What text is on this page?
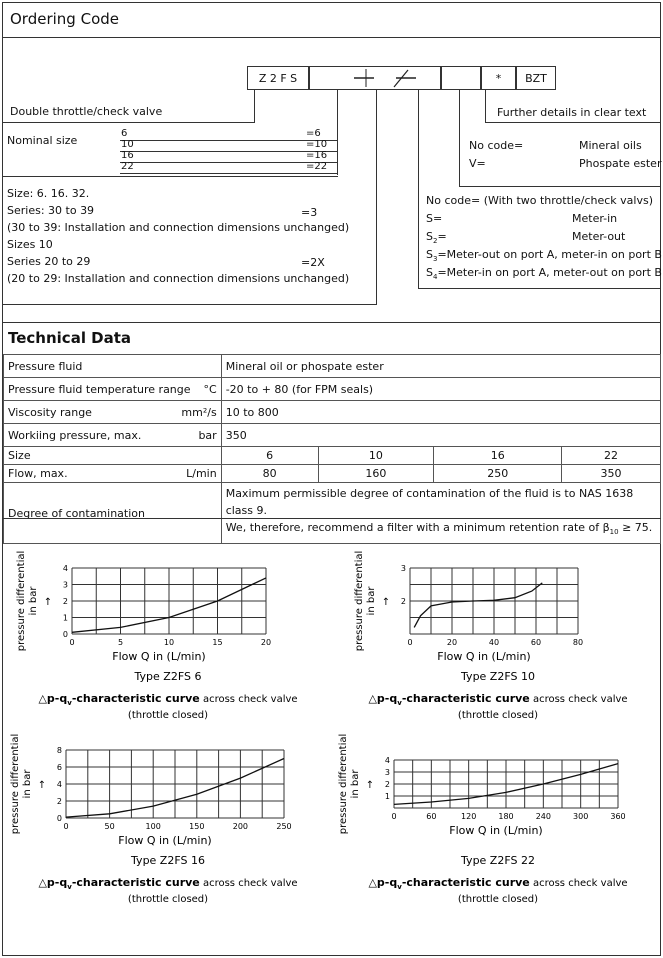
Ordering Code
Z 2 F S	*	BZT
Double throttle/check valve	Further details in clear text
Nominal size
6	=6
10	=10
16	=16
22	=22
No code=	Mineral oils
V=	Phospate ester
Size: 6. 16. 32.
Series: 30 to 39
(30 to 39: Installation and connection dimensions unchanged)
Sizes 10
Series 20 to 29
(20 to 29: Installation and connection dimensions unchanged)
=3
=2X
No code= (With two throttle/check valvs)
S=	Meter-in
$S_2=$	Meter-out
$S_3=Meter$-out on port A, meter-in on port B
$S_4=Meter-in$ on port A, meter-out on port B
Technical Data
Pressure fluid	Mineral oil or phospate ester			
Pressure fluid temperature range °C	-20 to + 80 (for FPM seals)			
Viscosity range mm²/s	10 to 800			
Workiing pressure, max. bar	350			
Size	6	10	16	22
Flow, max. L/min	80	160	250	350
Degree of contamination	Maximum permissible degree of contamination of the fluid is to NAS 1638 class 9.
We, therefore, recommend a filter with a minimum retention rate of $\beta_{10} \ge 75$.			
0	5	10	15	20
0
1
2
3
4
pressure differential in bar ↑
Flow Q in (L/min)
Type Z2FS 6
$\triangle p-q_v$-characteristic curve across check valve
(throttle closed)
0	20	40	60	80
2
3
pressure differential in bar ↑
Flow Q in (L/min)
Type Z2FS 10
$\triangle p-q_v$-characteristic curve across check valve
(throttle closed)
0	50	100	150	200	250
0
2
4
6
8
pressure differential in bar ↑
Flow Q in (L/min)
Type Z2FS 16
$\triangle p-q_v$-characteristic curve across check valve
(throttle closed)
0	60	120	180	240	300	360
1
2
3
4
pressure differential in bar ↑
Flow Q in (L/min)
Type Z2FS 22
$\triangle p-q_v$-characteristic curve across check valve
(throttle closed)
